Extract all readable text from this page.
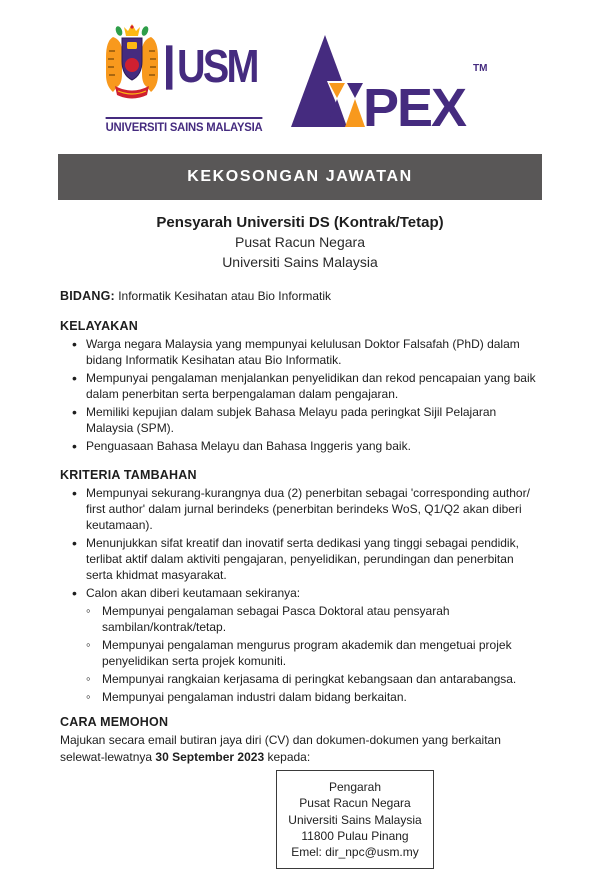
USM
UNIVERSITI SAINS MALAYSIA PEX
TM
KEKOSONGAN JAWATAN
Pensyarah Universiti DS (Kontrak/Tetap)
Pusat Racun Negara
Universiti Sains Malaysia
BIDANG: Informatik Kesihatan atau Bio Informatik
KELAYAKAN
• Warga negara Malaysia yang mempunyai kelulusan Doktor Falsafah (PhD) dalam bidang Informatik Kesihatan atau Bio Informatik.
• Mempunyai pengalaman menjalankan penyelidikan dan rekod pencapaian yang baik dalam penerbitan serta berpengalaman dalam pengajaran.
• Memiliki kepujian dalam subjek Bahasa Melayu pada peringkat Sijil Pelajaran Malaysia (SPM).
• Penguasaan Bahasa Melayu dan Bahasa Inggeris yang baik.
KRITERIA TAMBAHAN
• Mempunyai sekurang-kurangnya dua (2) penerbitan sebagai 'corresponding author/ first author' dalam jurnal berindeks (penerbitan berindeks WoS, Q1/Q2 akan diberi keutamaan).
• Menunjukkan sifat kreatif dan inovatif serta dedikasi yang tinggi sebagai pendidik, terlibat aktif dalam aktiviti pengajaran, penyelidikan, perundingan dan penerbitan serta khidmat masyarakat.
• Calon akan diberi keutamaan sekiranya:
◦ Mempunyai pengalaman sebagai Pasca Doktoral atau pensyarah sambilan/kontrak/tetap.
◦ Mempunyai pengalaman mengurus program akademik dan mengetuai projek penyelidikan serta projek komuniti.
◦ Mempunyai rangkaian kerjasama di peringkat kebangsaan dan antarabangsa.
◦ Mempunyai pengalaman industri dalam bidang berkaitan.
CARA MEMOHON

Majukan secara email butiran jaya diri (CV) dan dokumen-dokumen yang berkaitan selewat-lewatnya 30 September 2023 kepada:

Pengarah
Pusat Racun Negara
Universiti Sains Malaysia
11800 Pulau Pinang
Emel: dir_npc@usm.my
